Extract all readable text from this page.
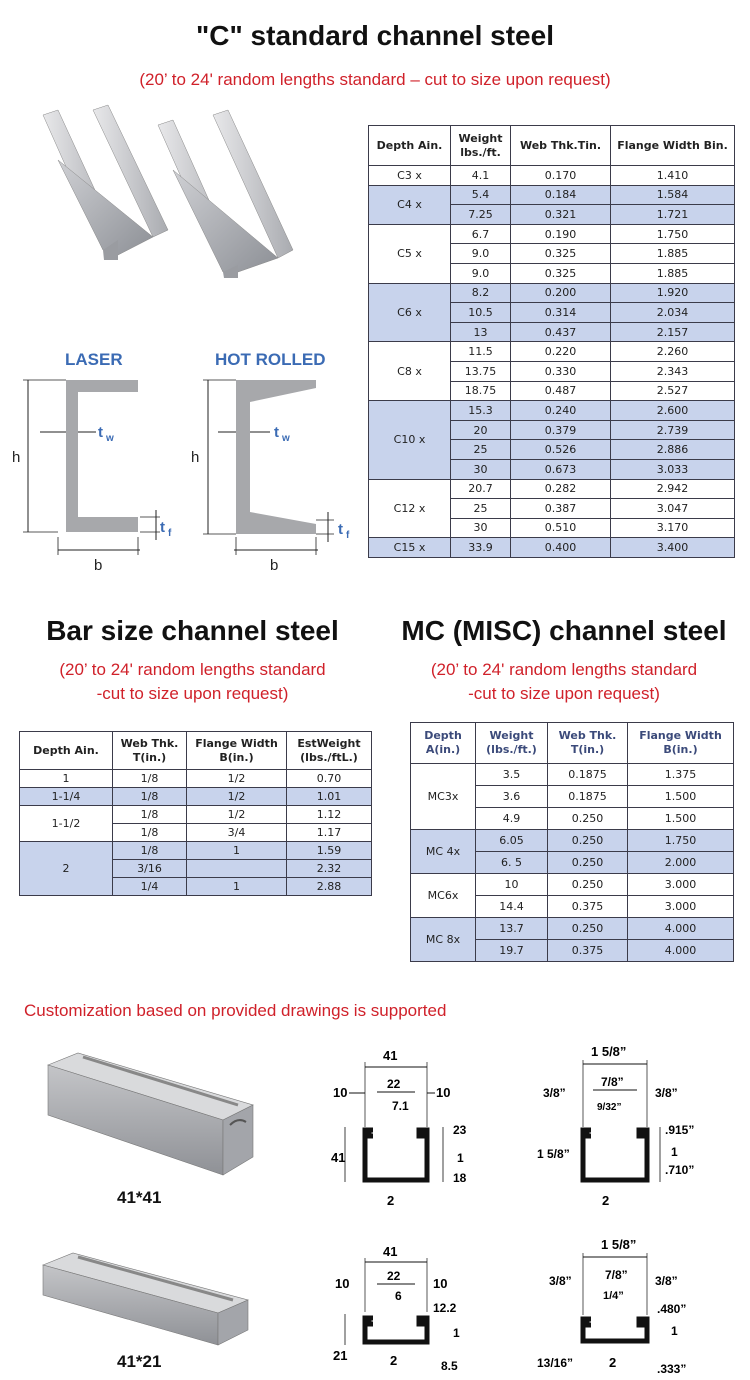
"C" standard channel steel
(20’ to 24' random lengths standard – cut to size upon request)
LASER	HOT ROLLED
h
t w
t f
b
h
t w
t f
b
Depth Ain.	Weight lbs./ft.	Web Thk.Tin.	Flange Width Bin.
C3 x	4.1	0.170	1.410
C4 x	5.4	0.184	1.584
	7.25	0.321	1.721
C5 x	6.7	0.190	1.750
	9.0	0.325	1.885
	9.0	0.325	1.885
C6 x	8.2	0.200	1.920
	10.5	0.314	2.034
	13	0.437	2.157
C8 x	11.5	0.220	2.260
	13.75	0.330	2.343
	18.75	0.487	2.527
C10 x	15.3	0.240	2.600
	20	0.379	2.739
	25	0.526	2.886
	30	0.673	3.033
C12 x	20.7	0.282	2.942
	25	0.387	3.047
	30	0.510	3.170
C15 x	33.9	0.400	3.400
Bar size channel steel
(20’ to 24' random lengths standard
-cut to size upon request)
MC (MISC) channel steel
(20’ to 24' random lengths standard
-cut to size upon request)
Depth Ain.	Web Thk. T(in.)	Flange Width B(in.)	EstWeight (lbs./ftL.)
1	1/8	1/2	0.70
1-1/4	1/8	1/2	1.01
1-1/2	1/8	1/2	1.12
	1/8	3/4	1.17
2	1/8	1	1.59
	3/16		2.32
	1/4	1	2.88
Depth A(in.)	Weight (lbs./ft.)	Web Thk. T(in.)	Flange Width B(in.)
MC3x	3.5	0.1875	1.375
	3.6	0.1875	1.500
	4.9	0.250	1.500
MC 4x	6.05	0.250	1.750
	6. 5	0.250	2.000
MC6x	10	0.250	3.000
	14.4	0.375	3.000
MC 8x	13.7	0.250	4.000
	19.7	0.375	4.000
Customization based on provided drawings is supported
41*41
41*21
41
10	10
22
7.1
41
23
1
18
2
1 5/8”
3/8”	3/8”
7/8”
9/32”
1 5/8”
.915”
1
.710”
2
41
10	10
22
6
21
12.2
1
8.5
2
1 5/8”
3/8”	3/8”
7/8”
1/4”
13/16”
.480”
1
.333”
2
